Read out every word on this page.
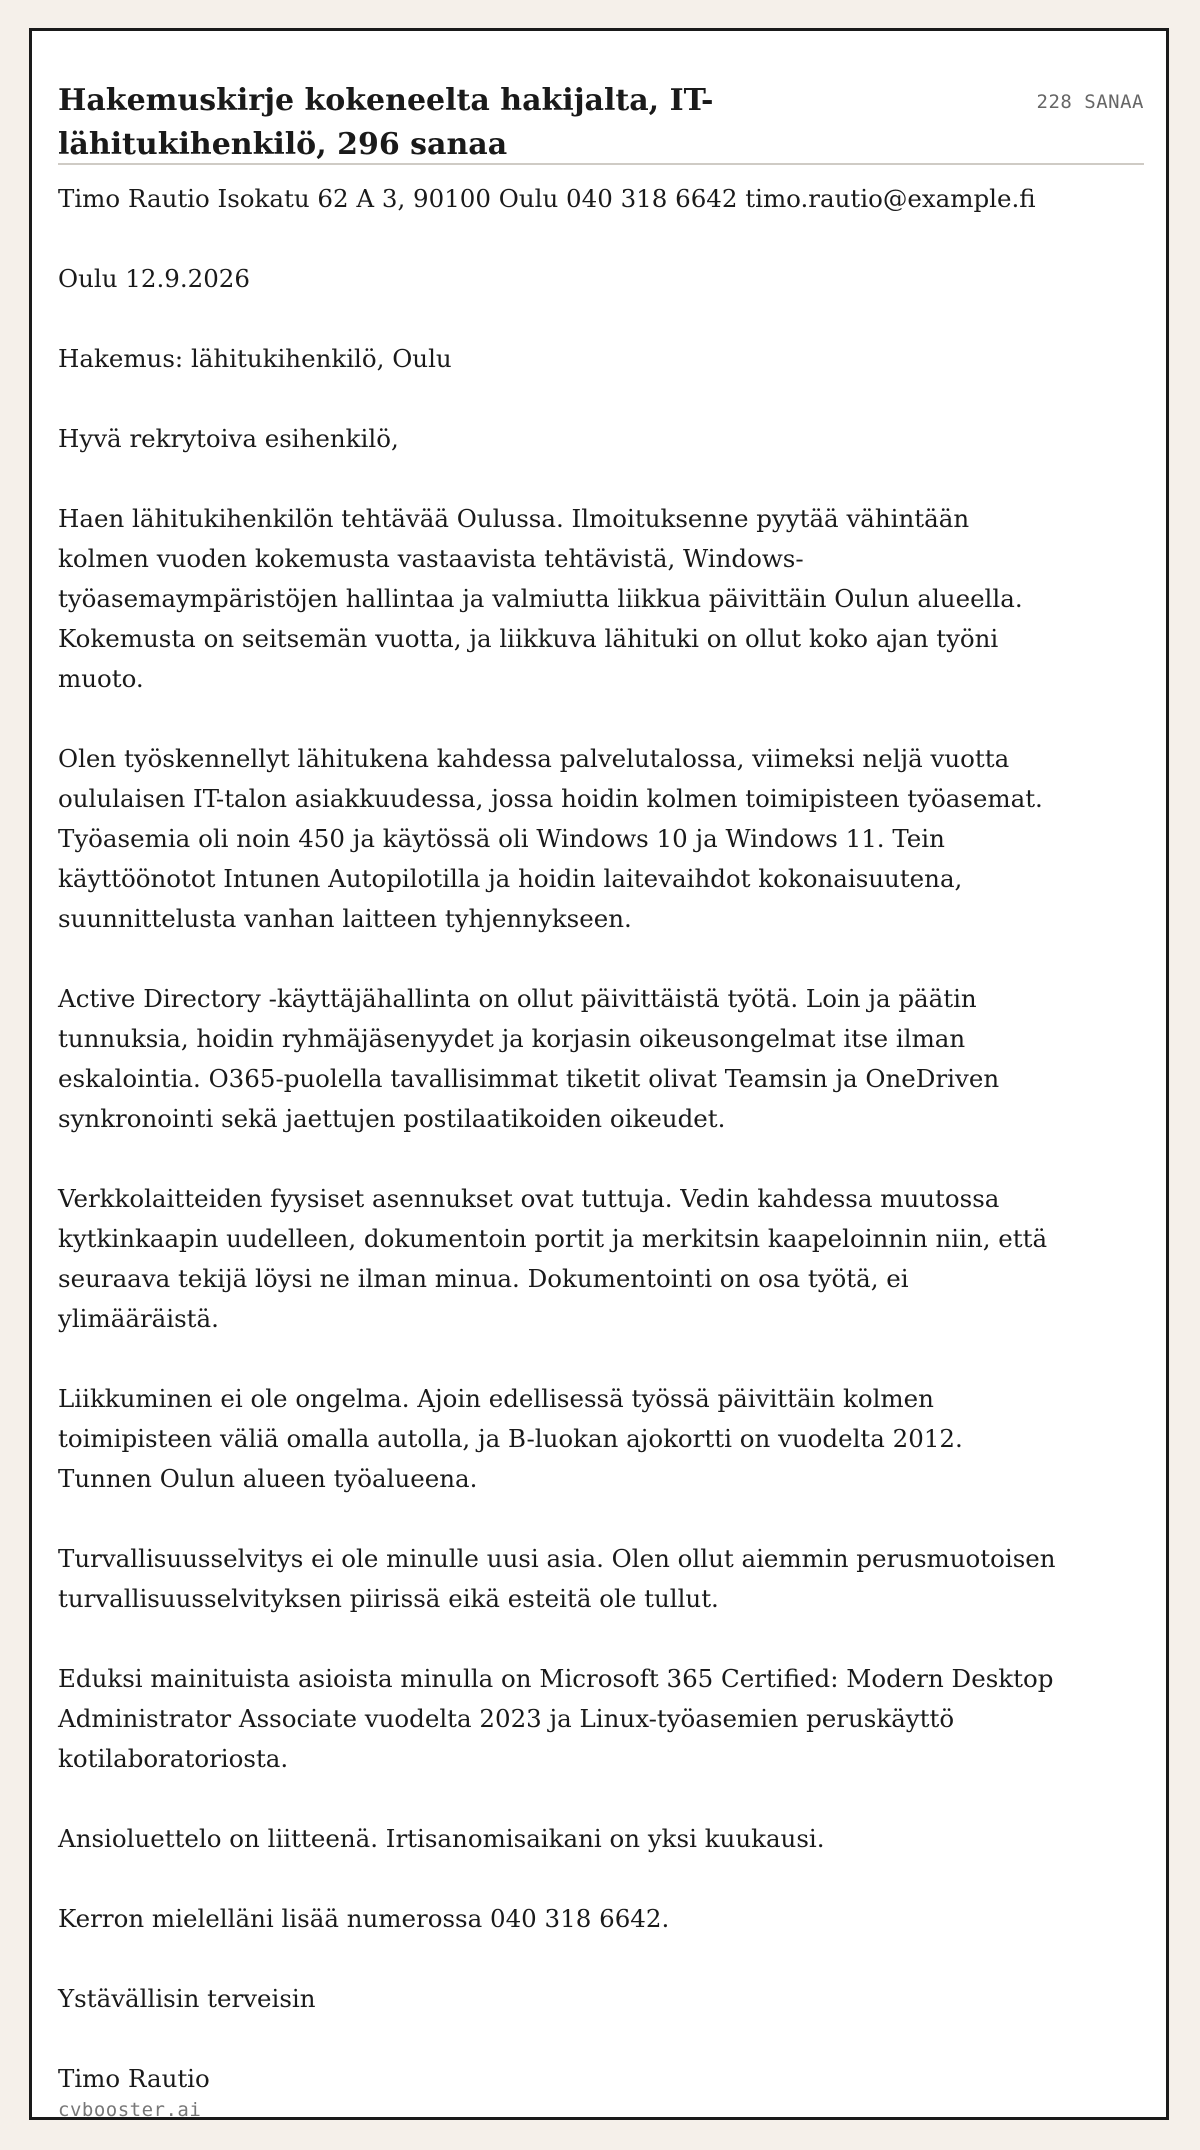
Hakemuskirje kokeneelta hakijalta, IT-lähitukihenkilö, 296 sanaa
228 SANAA

Timo Rautio Isokatu 62 A 3, 90100 Oulu 040 318 6642 timo.rautio@example.fi

Oulu 12.9.2026

Hakemus: lähitukihenkilö, Oulu

Hyvä rekrytoiva esihenkilö,

Haen lähitukihenkilön tehtävää Oulussa. Ilmoituksenne pyytää vähintään kolmen vuoden kokemusta vastaavista tehtävistä, Windows-työasemaympäristöjen hallintaa ja valmiutta liikkua päivittäin Oulun alueella. Kokemusta on seitsemän vuotta, ja liikkuva lähituki on ollut koko ajan työni muoto.

Olen työskennellyt lähitukena kahdessa palvelutalossa, viimeksi neljä vuotta oululaisen IT-talon asiakkuudessa, jossa hoidin kolmen toimipisteen työasemat. Työasemia oli noin 450 ja käytössä oli Windows 10 ja Windows 11. Tein käyttöönotot Intunen Autopilotilla ja hoidin laitevaihdot kokonaisuutena, suunnittelusta vanhan laitteen tyhjennykseen.

Active Directory -käyttäjähallinta on ollut päivittäistä työtä. Loin ja päätin tunnuksia, hoidin ryhmäjäsenyydet ja korjasin oikeusongelmat itse ilman eskalointia. O365-puolella tavallisimmat tiketit olivat Teamsin ja OneDriven synkronointi sekä jaettujen postilaatikoiden oikeudet.

Verkkolaitteiden fyysiset asennukset ovat tuttuja. Vedin kahdessa muutossa kytkinkaapin uudelleen, dokumentoin portit ja merkitsin kaapeloinnin niin, että seuraava tekijä löysi ne ilman minua. Dokumentointi on osa työtä, ei ylimääräistä.

Liikkuminen ei ole ongelma. Ajoin edellisessä työssä päivittäin kolmen toimipisteen väliä omalla autolla, ja B-luokan ajokortti on vuodelta 2012. Tunnen Oulun alueen työalueena.

Turvallisuusselvitys ei ole minulle uusi asia. Olen ollut aiemmin perusmuotoisen turvallisuusselvityksen piirissä eikä esteitä ole tullut.

Eduksi mainituista asioista minulla on Microsoft 365 Certified: Modern Desktop Administrator Associate vuodelta 2023 ja Linux-työasemien peruskäyttö kotilaboratoriosta.

Ansioluettelo on liitteenä. Irtisanomisaikani on yksi kuukausi.

Kerron mielelläni lisää numerossa 040 318 6642.

Ystävällisin terveisin

Timo Rautio

cvbooster.ai
